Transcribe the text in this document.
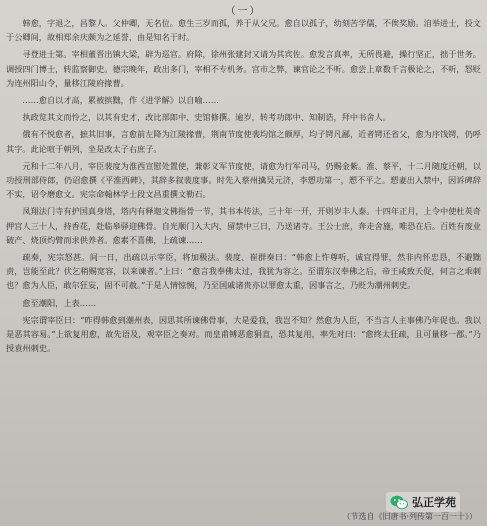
（一）

韩愈，字退之，昌黎人。父仲卿，无名位。愈生三岁而孤，养于从父兄。愈自以孤子，幼刻苦学儒，不俟奖励。洎举进士，投文于公卿间，故相郑余庆颇为之延誉，由是知名于时。

寻登进士第。宰相董晋出镇大梁，辟为巡官。府除，徐州张建封又请为其宾佐。愈发言真率，无所畏避，操行坚正，拙于世务。调授四门博士，转监察御史。德宗晚年，政出多门，宰相不专机务。宫市之弊，谏官论之不听。愈尝上章数千言极论之，不听，怒贬为连州阳山令，量移江陵府掾曹。

……愈自以才高，累被摈黜，作《进学解》以自喻……

执政览其文而怜之，以其有史才，改比部郎中、史馆修撰。逾岁，转考功郎中、知制诰，拜中书舍人。

俄有不悦愈者，摭其旧事，言愈前左降为江陵掾曹，荆南节度使裴均馆之颇厚，均子锷凡鄙，近者锷还省父，愈为序饯锷，仍呼其字。此论喧于朝列，坐是改太子右庶子。

元和十二年八月，宰臣裴度为淮西宣慰处置使，兼彰义军节度使，请愈为行军司马，仍赐金紫。淮、蔡平，十二月随度还朝，以功授刑部侍郎，仍诏愈撰《平淮西碑》，其辞多叙裴度事。时先入蔡州擒吴元济，李愬功第一，愬不平之。愬妻出入禁中，因诉碑辞不实，诏令磨愈文。宪宗命翰林学士段文昌重撰文勒石。

凤翔法门寺有护国真身塔，塔内有释迦文佛指骨一节，其书本传法，三十年一开，开则岁丰人泰。十四年正月，上令中使杜英奇押宫人三十人，持香花，赴临皋驿迎佛骨。自光顺门入大内，留禁中三日，乃送诸寺。王公士庶，奔走舍施，唯恐在后。百姓有废业破产、烧顶灼臂而求供养者。愈素不喜佛，上疏谏……

疏奏，宪宗怒甚。间一日，出疏以示宰臣，将加极法。裴度、崔群奏曰：“韩愈上忤尊听，诚宜得罪，然非内怀忠恳，不避黜责，岂能至此？伏乞稍赐宽容，以来谏者。”上曰：“愈言我奉佛太过，我犹为容之。至谓东汉奉佛之后，帝王咸致夭促，何言之乖刺也？愈为人臣，敢尔狂妄，固不可赦。”于是人情惊惋，乃至国戚诸贵亦以罪愈太重，因事言之，乃贬为潮州刺史。

愈至潮阳，上表……

宪宗谓宰臣曰：“昨得韩愈到潮州表，因思其所谏佛骨事，大是爱我，我岂不知？然愈为人臣，不当言人主事佛乃年促也。我以是恶其容易。”上欲复用愈，故先语及，观宰臣之奏对。而皇甫镈恶愈狷直，恐其复用，率先对曰：“愈终太狂疏，且可量移一郡。”乃授袁州刺史。

弘正学苑
（节选自《旧唐书·列传第一百一十》）
